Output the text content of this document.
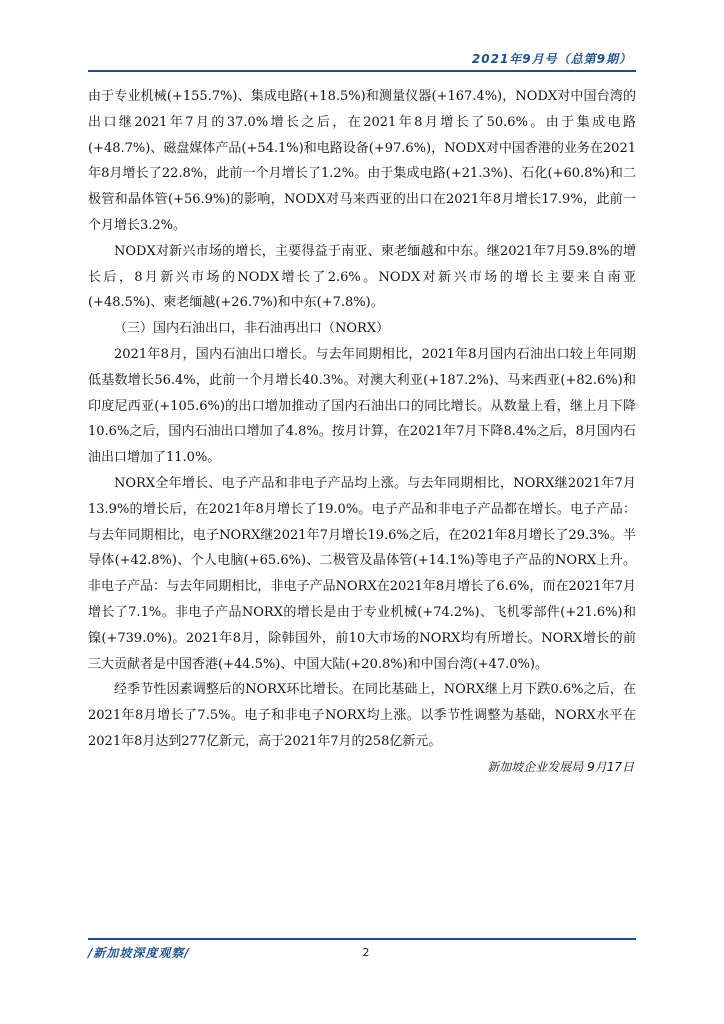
2021年9月号（总第9期）

由于专业机械(+155.7%)、集成电路(+18.5%)和测量仪器(+167.4%)，NODX对中国台湾的出口继2021年7月的37.0%增长之后，在2021年8月增长了50.6%。由于集成电路(+48.7%)、磁盘媒体产品(+54.1%)和电路设备(+97.6%)，NODX对中国香港的业务在2021年8月增长了22.8%，此前一个月增长了1.2%。由于集成电路(+21.3%)、石化(+60.8%)和二极管和晶体管(+56.9%)的影响，NODX对马来西亚的出口在2021年8月增长17.9%，此前一个月增长3.2%。

NODX对新兴市场的增长，主要得益于南亚、柬老缅越和中东。继2021年7月59.8%的增长后，8月新兴市场的NODX增长了2.6%。NODX对新兴市场的增长主要来自南亚(+48.5%)、柬老缅越(+26.7%)和中东(+7.8%)。

（三）国内石油出口，非石油再出口（NORX）

2021年8月，国内石油出口增长。与去年同期相比，2021年8月国内石油出口较上年同期低基数增长56.4%，此前一个月增长40.3%。对澳大利亚(+187.2%)、马来西亚(+82.6%)和印度尼西亚(+105.6%)的出口增加推动了国内石油出口的同比增长。从数量上看，继上月下降10.6%之后，国内石油出口增加了4.8%。按月计算，在2021年7月下降8.4%之后，8月国内石油出口增加了11.0%。

NORX全年增长、电子产品和非电子产品均上涨。与去年同期相比，NORX继2021年7月13.9%的增长后，在2021年8月增长了19.0%。电子产品和非电子产品都在增长。电子产品：与去年同期相比，电子NORX继2021年7月增长19.6%之后，在2021年8月增长了29.3%。半导体(+42.8%)、个人电脑(+65.6%)、二极管及晶体管(+14.1%)等电子产品的NORX上升。非电子产品：与去年同期相比，非电子产品NORX在2021年8月增长了6.6%，而在2021年7月增长了7.1%。非电子产品NORX的增长是由于专业机械(+74.2%)、飞机零部件(+21.6%)和镍(+739.0%)。2021年8月，除韩国外，前10大市场的NORX均有所增长。NORX增长的前三大贡献者是中国香港(+44.5%)、中国大陆(+20.8%)和中国台湾(+47.0%)。

经季节性因素调整后的NORX环比增长。在同比基础上，NORX继上月下跌0.6%之后，在2021年8月增长了7.5%。电子和非电子NORX均上涨。以季节性调整为基础，NORX水平在2021年8月达到277亿新元，高于2021年7月的258亿新元。

新加坡企业发展局 9月17日
/新加坡深度观察/	2
